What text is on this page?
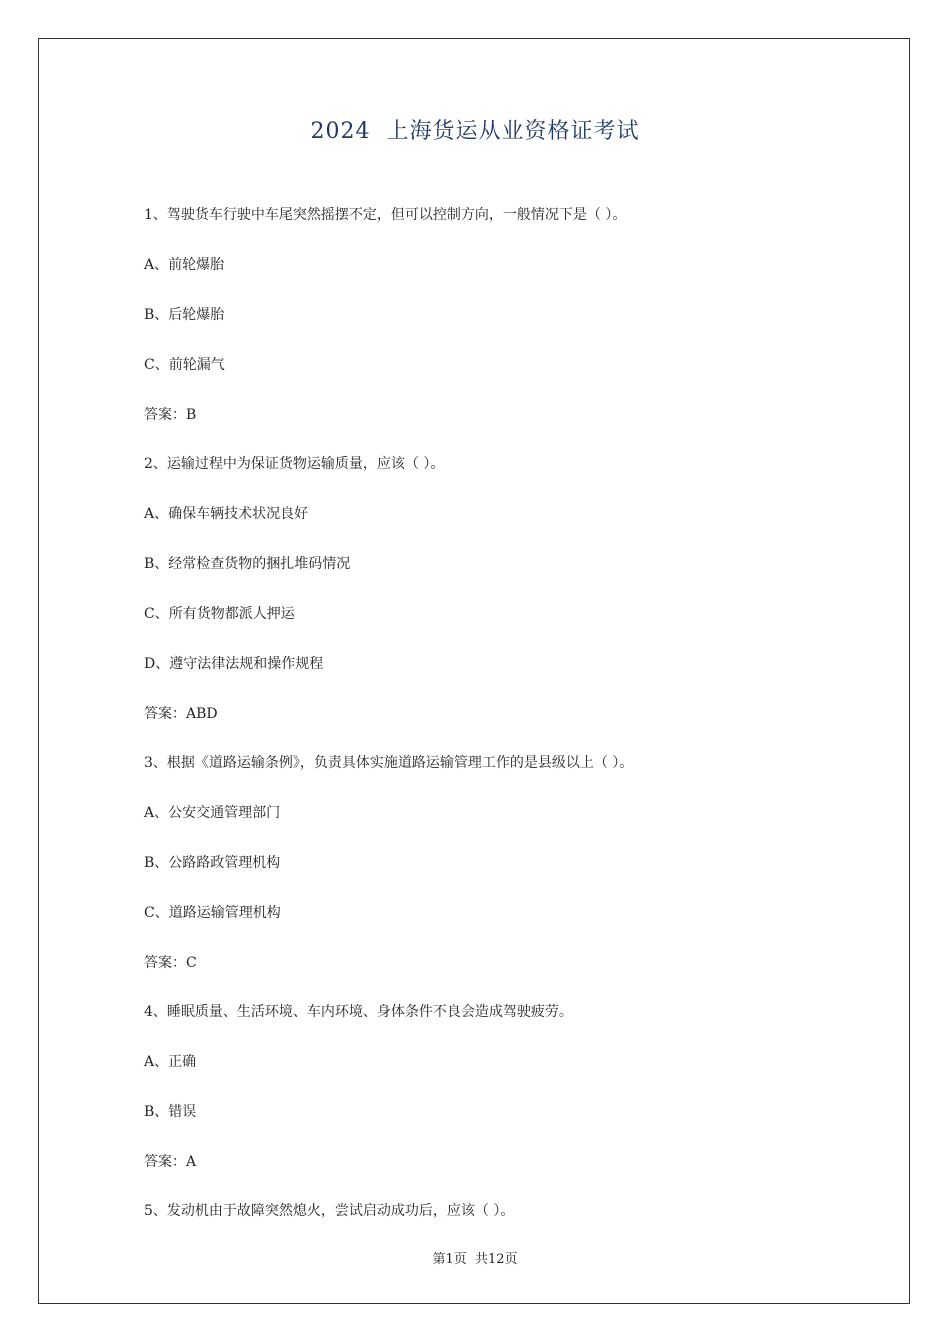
2024  上海货运从业资格证考试
1、驾驶货车行驶中车尾突然摇摆不定，但可以控制方向，一般情况下是（ ）。
A、前轮爆胎
B、后轮爆胎
C、前轮漏气
答案：B
2、运输过程中为保证货物运输质量，应该（ ）。
A、确保车辆技术状况良好
B、经常检查货物的捆扎堆码情况
C、所有货物都派人押运
D、遵守法律法规和操作规程
答案：ABD
3、根据《道路运输条例》，负责具体实施道路运输管理工作的是县级以上（ ）。
A、公安交通管理部门
B、公路路政管理机构
C、道路运输管理机构
答案：C
4、睡眠质量、生活环境、车内环境、身体条件不良会造成驾驶疲劳。
A、正确
B、错误
答案：A
5、发动机由于故障突然熄火，尝试启动成功后，应该（ ）。
第1页  共12页
